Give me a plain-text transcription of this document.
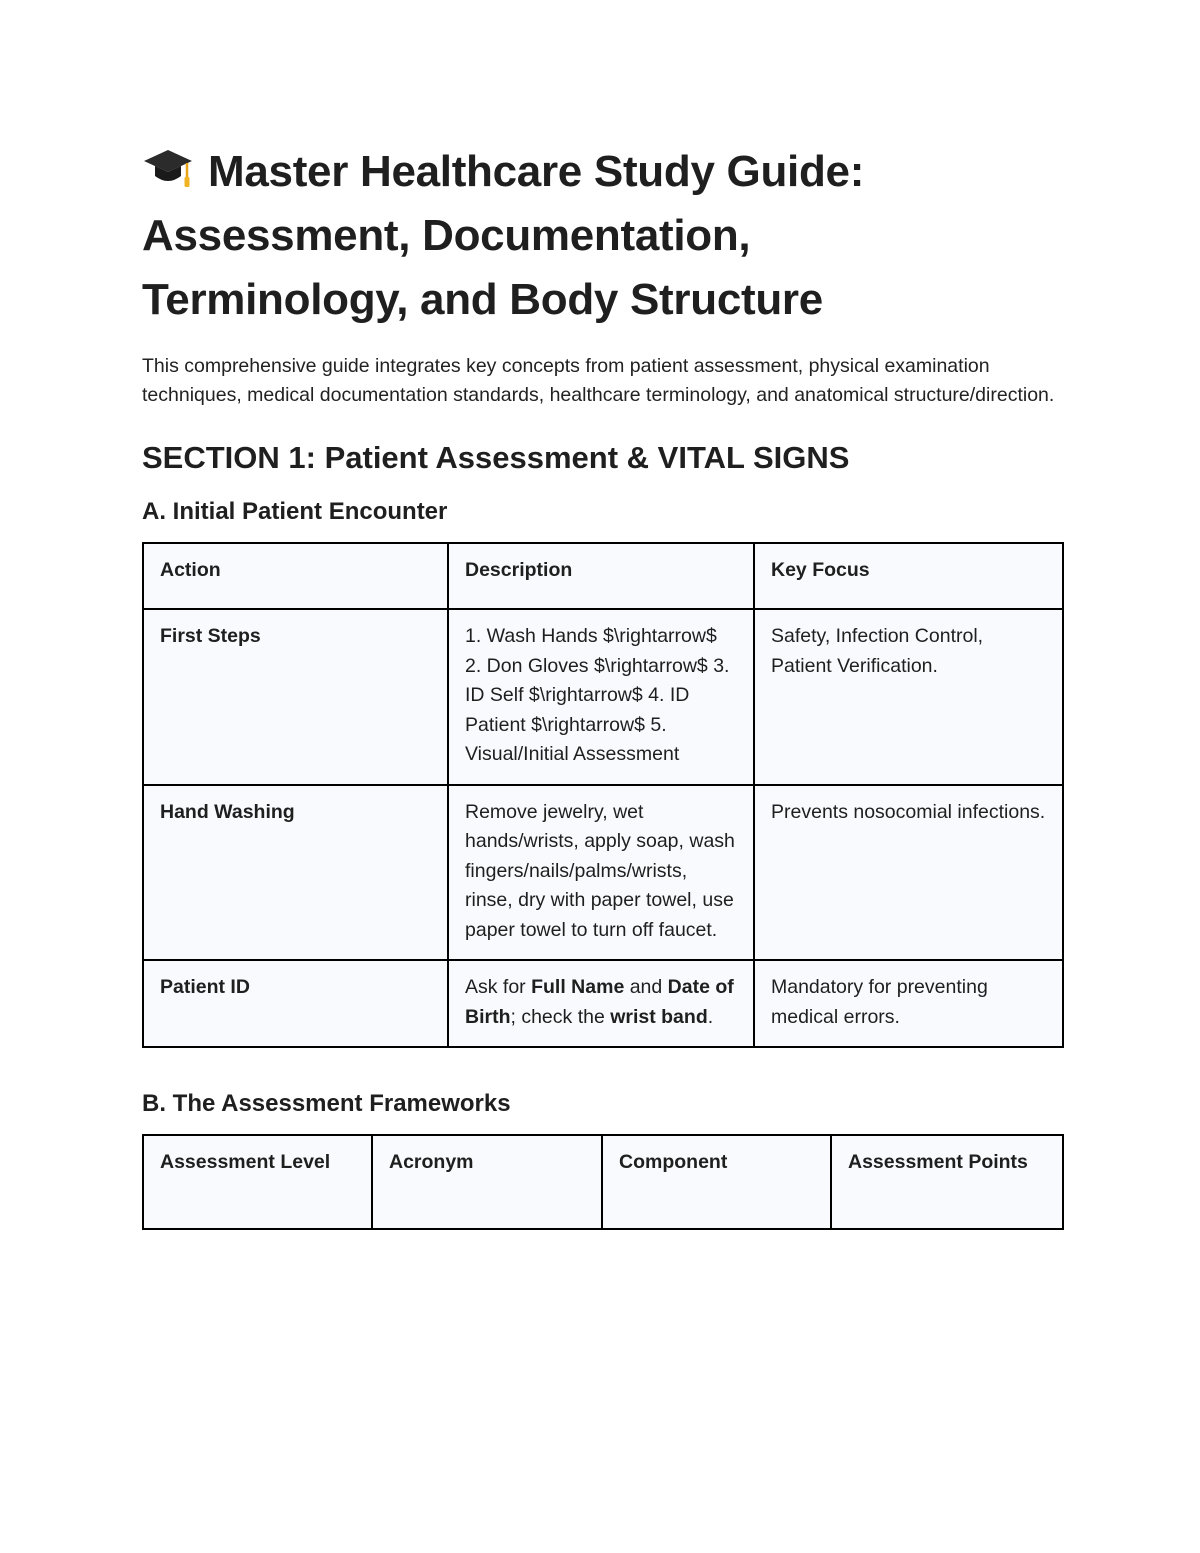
Master Healthcare Study Guide:
Assessment, Documentation,
Terminology, and Body Structure

This comprehensive guide integrates key concepts from patient assessment, physical examination techniques, medical documentation standards, healthcare terminology, and anatomical structure/direction.

SECTION 1: Patient Assessment & VITAL SIGNS
A. Initial Patient Encounter
Action	Description	Key Focus
First Steps	1. Wash Hands $\rightarrow$ 2. Don Gloves $\rightarrow$ 3. ID Self $\rightarrow$ 4. ID Patient $\rightarrow$ 5. Visual/Initial Assessment	Safety, Infection Control, Patient Verification.
Hand Washing	Remove jewelry, wet hands/wrists, apply soap, wash fingers/nails/palms/wrists, rinse, dry with paper towel, use paper towel to turn off faucet.	Prevents nosocomial infections.
Patient ID	Ask for Full Name and Date of Birth; check the wrist band.	Mandatory for preventing medical errors.
B. The Assessment Frameworks
Assessment Level	Acronym	Component	Assessment Points
